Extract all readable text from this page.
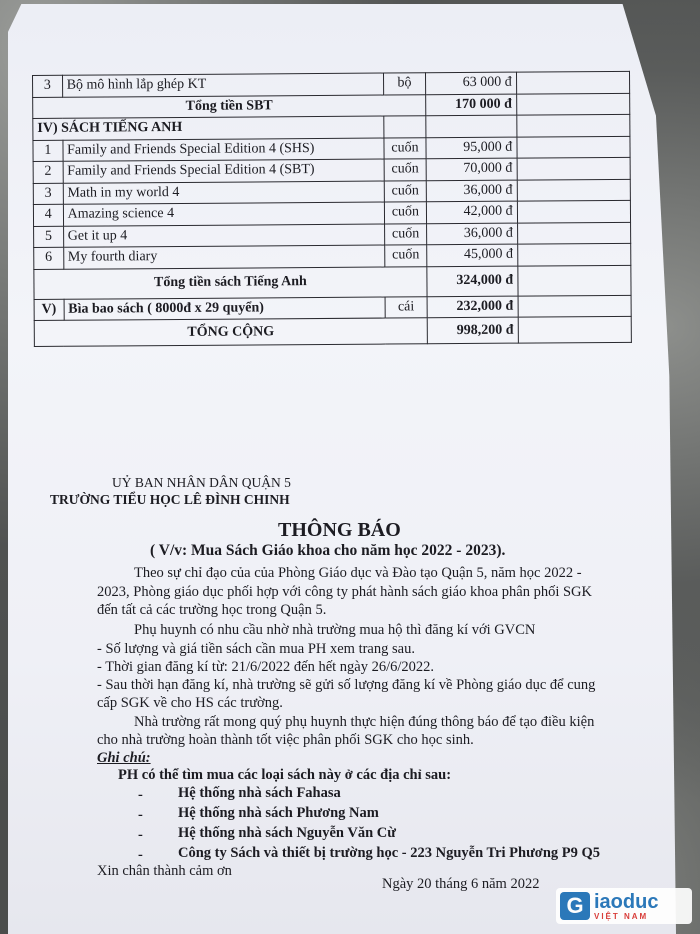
3	Bộ mô hình lắp ghép KT	bộ	63 000 đ	
Tổng tiền SBT			170 000 đ	
IV) SÁCH TIẾNG ANH				
1	Family and Friends Special Edition 4 (SHS)	cuốn	95,000 đ	
2	Family and Friends Special Edition 4 (SBT)	cuốn	70,000 đ	
3	Math in my world 4	cuốn	36,000 đ	
4	Amazing science 4	cuốn	42,000 đ	
5	Get it up 4	cuốn	36,000 đ	
6	My fourth diary	cuốn	45,000 đ	
Tổng tiền sách Tiếng Anh			324,000 đ	
V)	Bìa bao sách ( 8000đ x 29 quyển)	cái	232,000 đ	
TỔNG CỘNG			998,200 đ	
UỶ BAN NHÂN DÂN QUẬN 5
TRƯỜNG TIỂU HỌC LÊ ĐÌNH CHINH
THÔNG BÁO
( V/v: Mua Sách Giáo khoa cho năm học 2022 - 2023).
Theo sự chỉ đạo của của Phòng Giáo dục và Đào tạo Quận 5, năm học 2022 -
2023, Phòng giáo dục phối hợp với công ty phát hành sách giáo khoa phân phối SGK
đến tất cả các trường học trong Quận 5.
Phụ huynh có nhu cầu nhờ nhà trường mua hộ thì đăng kí với GVCN
- Số lượng và giá tiền sách cần mua PH xem trang sau.
- Thời gian đăng kí từ: 21/6/2022 đến hết ngày 26/6/2022.
- Sau thời hạn đăng kí, nhà trường sẽ gửi số lượng đăng kí về Phòng giáo dục để cung
cấp SGK về cho HS các trường.
Nhà trường rất mong quý phụ huynh thực hiện đúng thông báo để tạo điều kiện
cho nhà trường hoàn thành tốt việc phân phối SGK cho học sinh.
Ghi chú:
PH có thể tìm mua các loại sách này ở các địa chỉ sau:
- Hệ thống nhà sách Fahasa
- Hệ thống nhà sách Phương Nam
- Hệ thống nhà sách Nguyễn Văn Cừ
- Công ty Sách và thiết bị trường học - 223 Nguyễn Tri Phương P9 Q5
Xin chân thành cảm ơn
Ngày 20 tháng 6 năm 2022
G iaoduc
VIỆT NAM
